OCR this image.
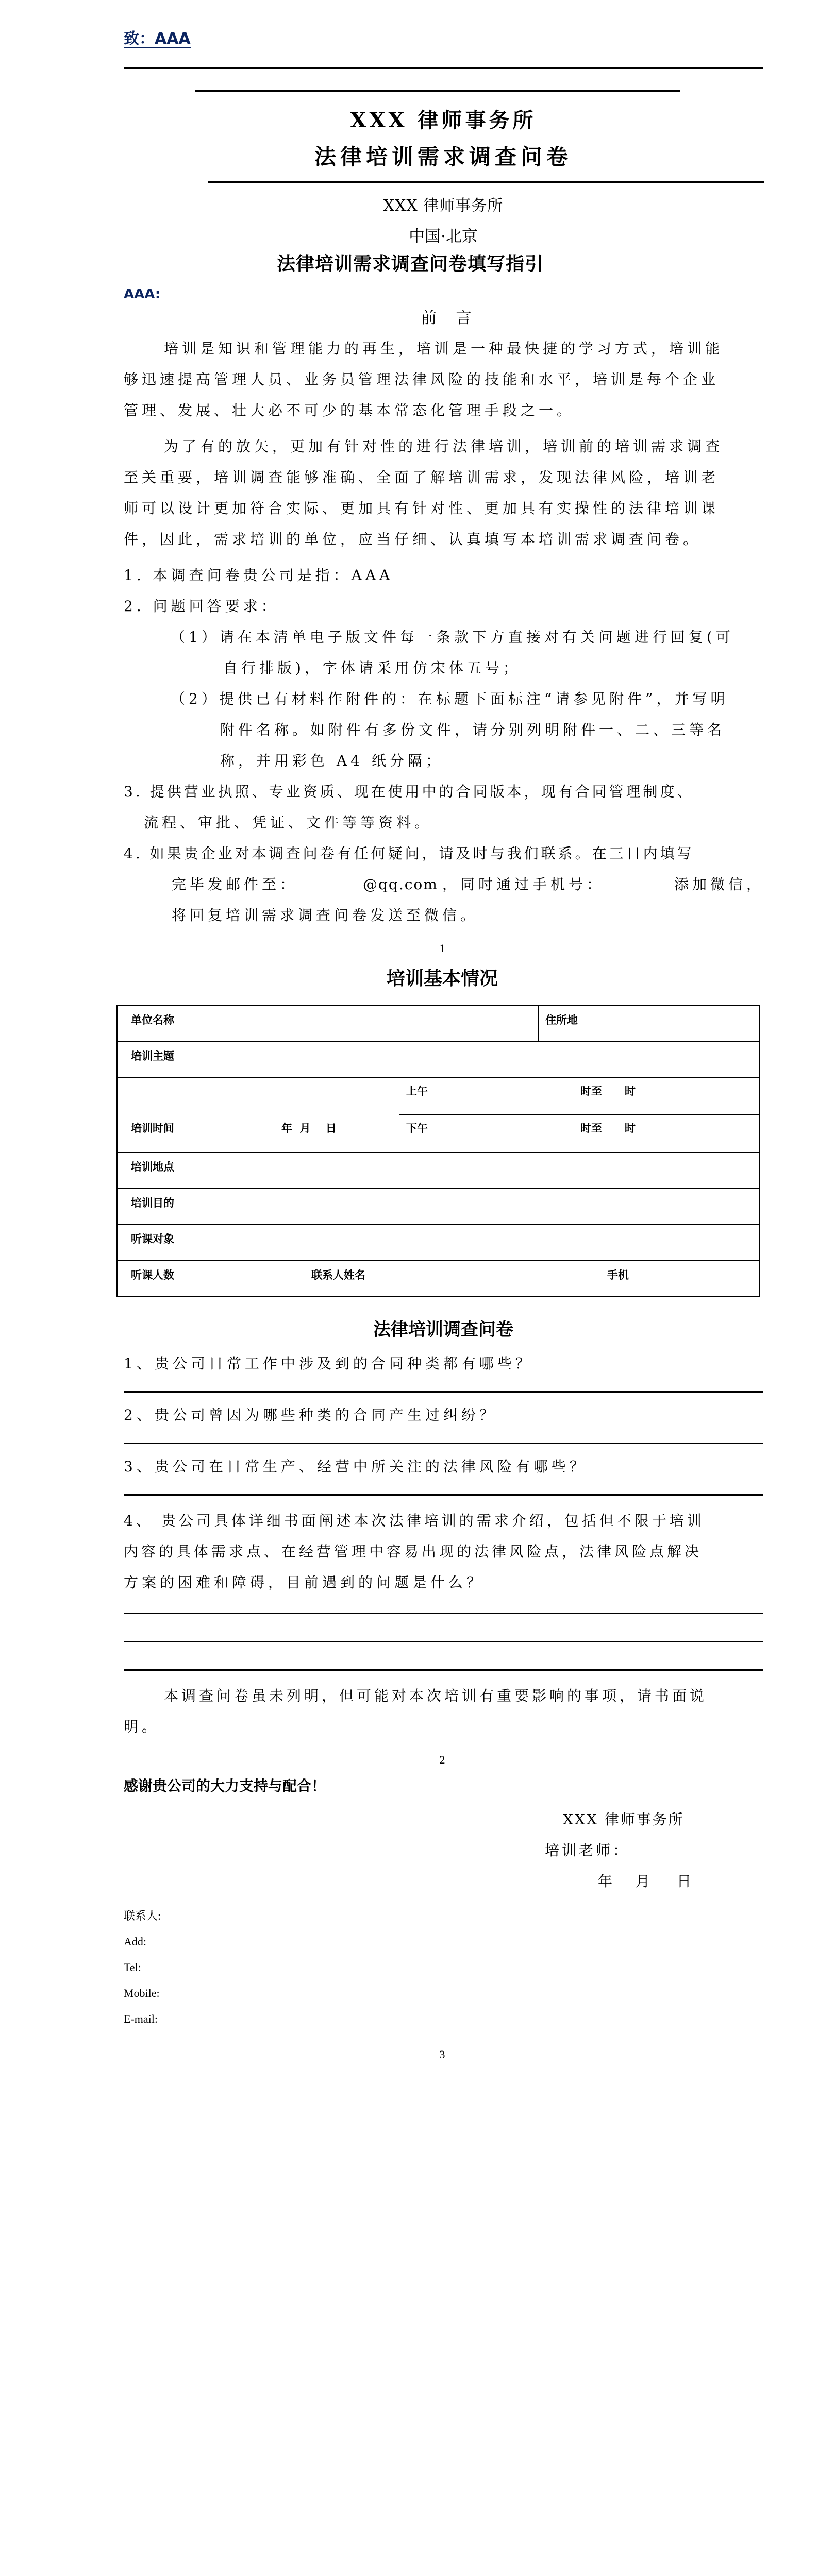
致：AAA
XXX 律师事务所
法律培训需求调查问卷
XXX 律师事务所
中国·北京
法律培训需求调查问卷填写指引
AAA:
前 言
培训是知识和管理能力的再生，培训是一种最快捷的学习方式，培训能
够迅速提高管理人员、业务员管理法律风险的技能和水平，培训是每个企业
管理、发展、壮大必不可少的基本常态化管理手段之一。
为了有的放矢，更加有针对性的进行法律培训，培训前的培训需求调查
至关重要，培训调查能够准确、全面了解培训需求，发现法律风险，培训老
师可以设计更加符合实际、更加具有针对性、更加具有实操性的法律培训课
件，因此，需求培训的单位，应当仔细、认真填写本培训需求调查问卷。
1. 本调查问卷贵公司是指：AAA
2. 问题回答要求：
（1）请在本清单电子版文件每一条款下方直接对有关问题进行回复(可
自行排版)，字体请采用仿宋体五号；
（2）提供已有材料作附件的：在标题下面标注“请参见附件”，并写明
附件名称。如附件有多份文件，请分别列明附件一、二、三等名
称，并用彩色 A4 纸分隔；
3. 提供营业执照、专业资质、现在使用中的合同版本，现有合同管理制度、
流程、审批、凭证、文件等等资料。
4. 如果贵企业对本调查问卷有任何疑问，请及时与我们联系。在三日内填写
完毕发邮件至：	@qq.com ，同时通过手机号：	添加微信，
将回复培训需求调查问卷发送至微信。
1
培训基本情况
单位名称	住所地
培训主题
培训时间	年  月    日
上午	时至      时
下午	时至      时
培训地点
培训目的
听课对象
听课人数	联系人姓名	手机
法律培训调查问卷
1、贵公司日常工作中涉及到的合同种类都有哪些？
2、贵公司曾因为哪些种类的合同产生过纠纷？
3、贵公司在日常生产、经营中所关注的法律风险有哪些？
4、 贵公司具体详细书面阐述本次法律培训的需求介绍，包括但不限于培训
内容的具体需求点、在经营管理中容易出现的法律风险点，法律风险点解决
方案的困难和障碍，目前遇到的问题是什么？
本调查问卷虽未列明，但可能对本次培训有重要影响的事项，请书面说
明。
2
感谢贵公司的大力支持与配合！
XXX 律师事务所
培训老师：
年 月 日
联系人:
Add:
Tel:
Mobile:
E-mail:
3
